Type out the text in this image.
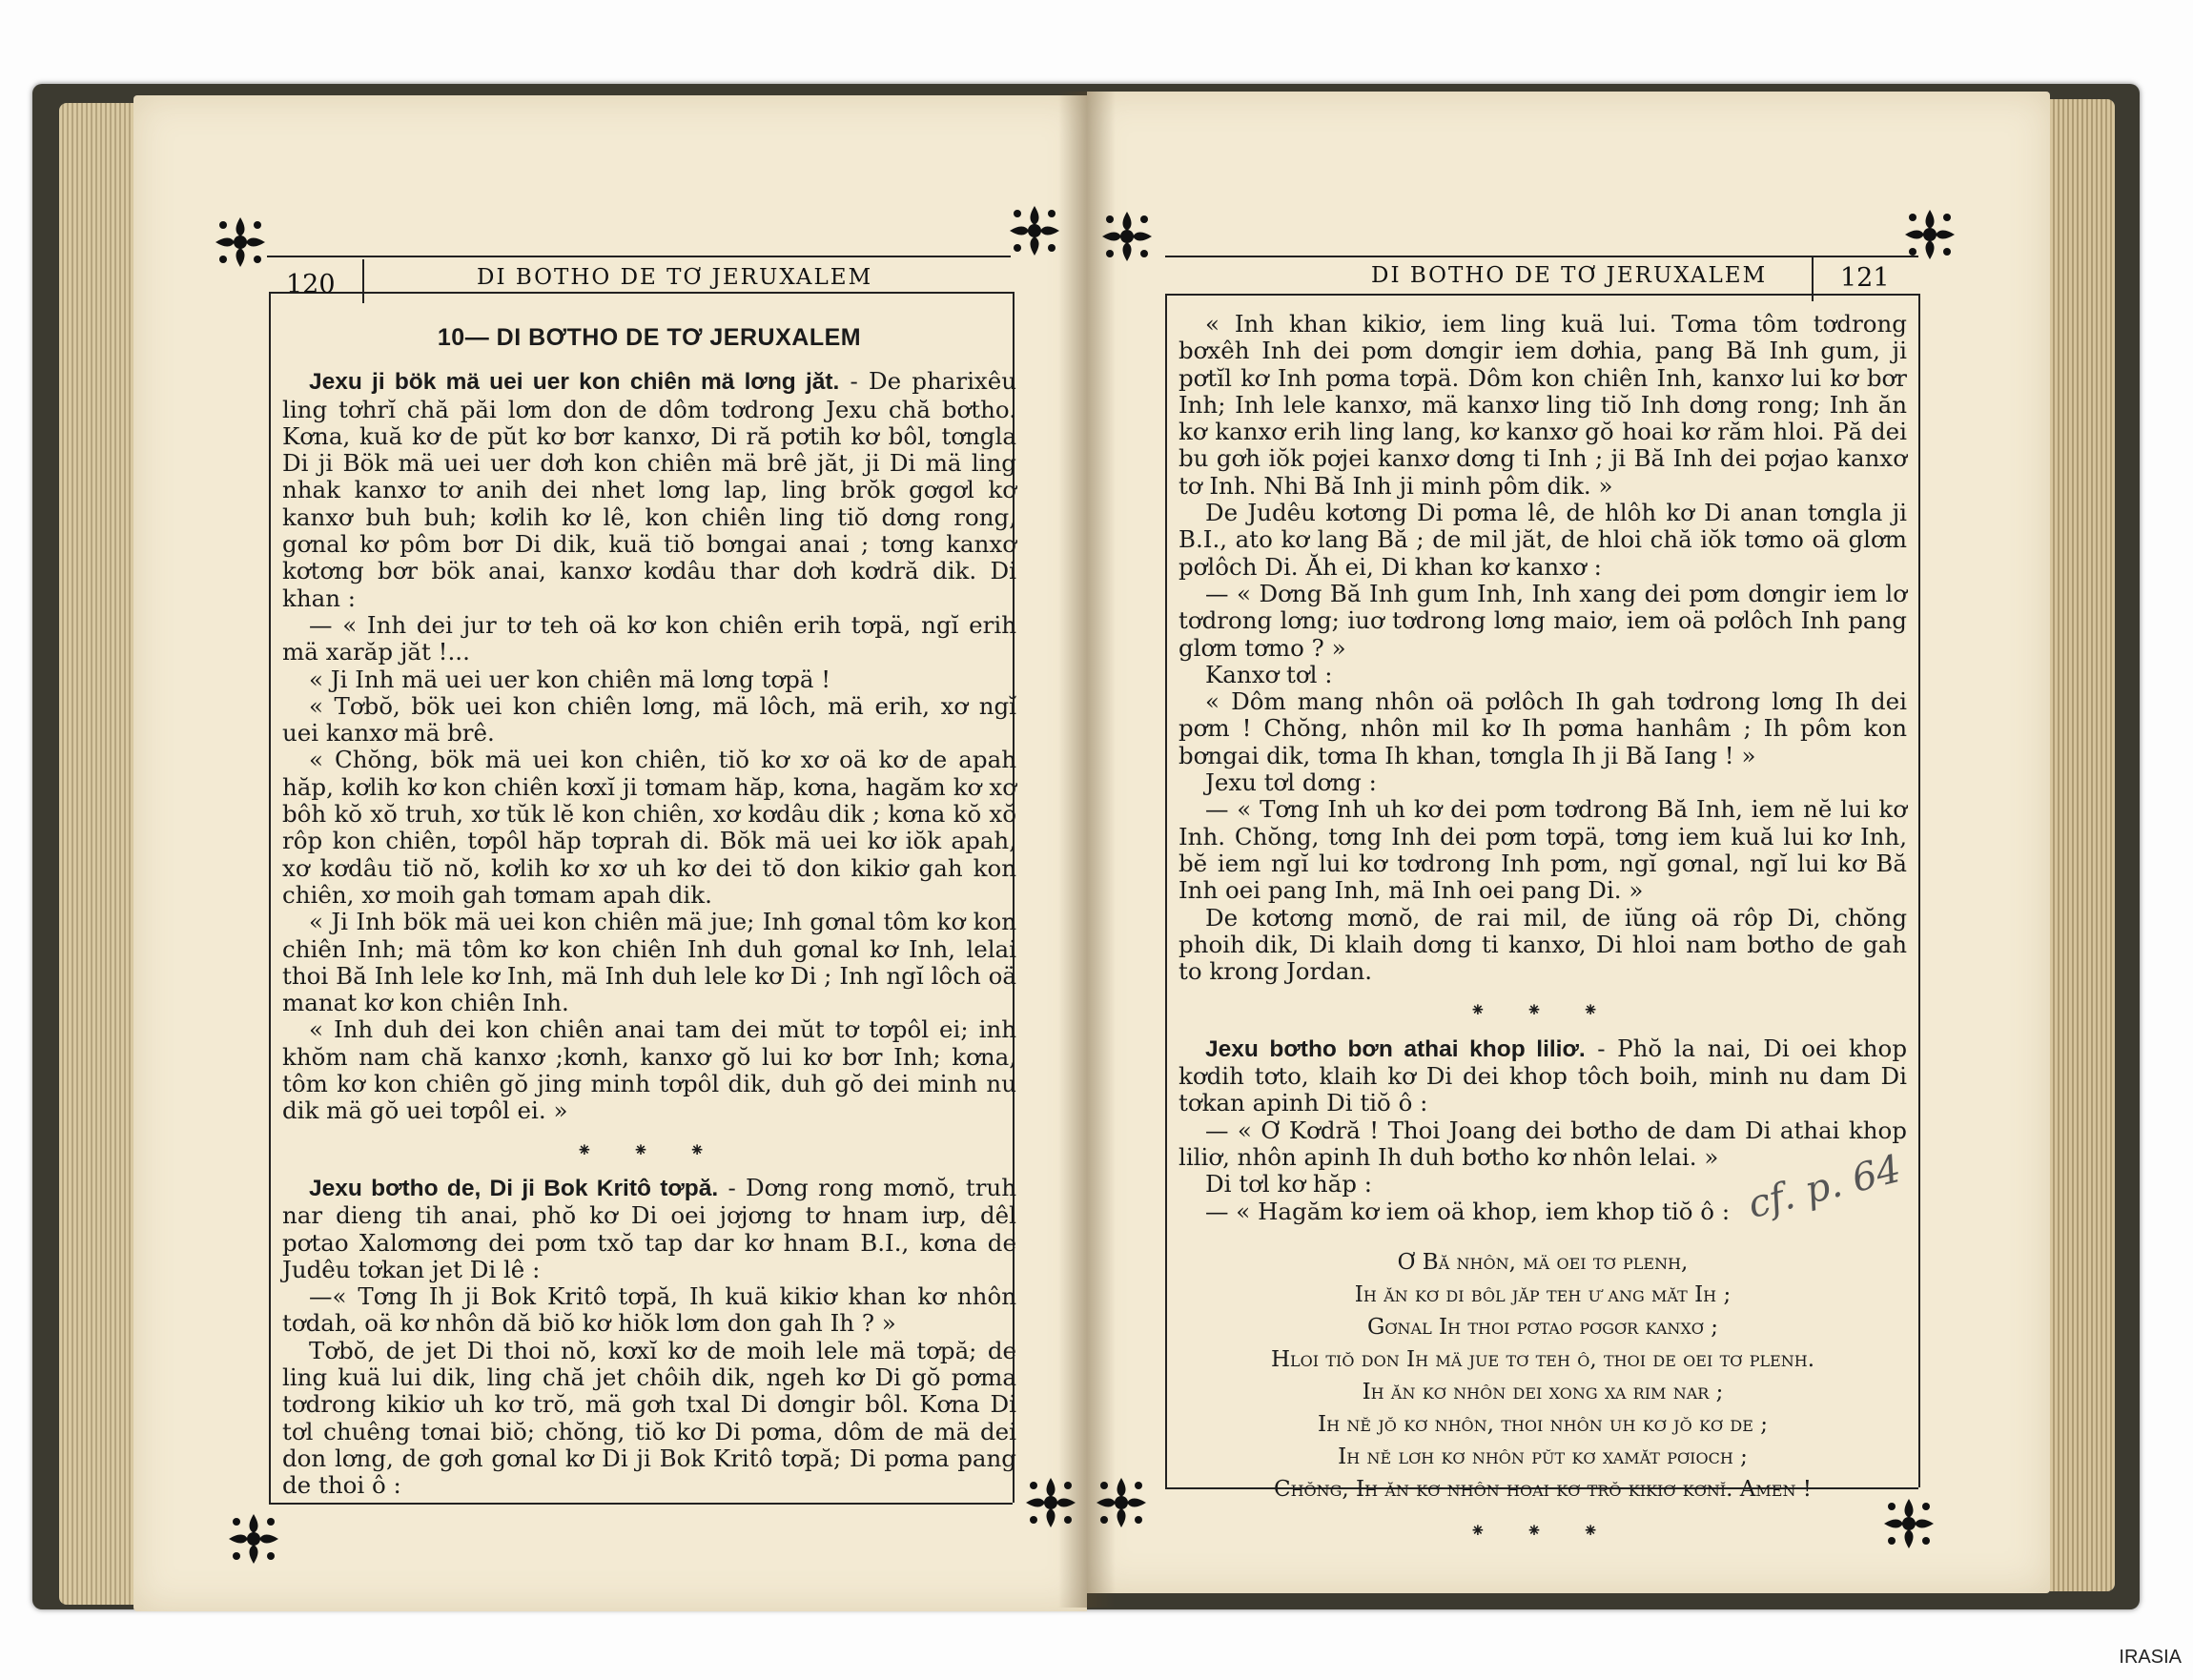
120	DI BOTHO DE TƠ JERUXALEM	121
DI BOTHO DE TƠ JERUXALEM
10— DI BƠTHO DE TƠ JERUXALEM

Jexu ji bök mä uei uer kon chiên mä lơng jăt. - De pharixêu ling tơhrĭ chă păi lơm don de dôm tơdrong Jexu chă bơtho. Kơna, kuă kơ de pŭt kơ bơr kanxơ, Di ră pơtih kơ bôl, tơngla Di ji Bök mä uei uer dơh kon chiên mä brê jăt, ji Di mä ling nhak kanxơ tơ anih dei nhet lơng lap, ling brŏk gơgơl kơ kanxơ buh buh; kơlih kơ lê, kon chiên ling tiŏ dơng rong, gơnal kơ pôm bơr Di dik, kuä tiŏ bơngai anai ; tơng kanxơ kơtơng bơr bök anai, kanxơ kơdâu thar dơh kơdră dik. Di khan :

— « Inh dei jur tơ teh oä kơ kon chiên erih tơpä, ngĭ erih mä xarăp jăt !...

« Ji Inh mä uei uer kon chiên mä lơng tơpä !

« Tơbŏ, bök uei kon chiên lơng, mä lôch, mä erih, xơ ngĭ uei kanxơ mä brê.

« Chŏng, bök mä uei kon chiên, tiŏ kơ xơ oä kơ de apah hăp, kơlih kơ kon chiên kơxĭ ji tơmam hăp, kơna, hagăm kơ xơ bôh kŏ xŏ truh, xơ tŭk lĕ kon chiên, xơ kơdâu dik ; kơna kŏ xŏ rôp kon chiên, tơpôl hăp tơprah di. Bŏk mä uei kơ iŏk apah, xơ kơdâu tiŏ nŏ, kơlih kơ xơ uh kơ dei tŏ don kikiơ gah kon chiên, xơ moih gah tơmam apah dik.

« Ji Inh bök mä uei kon chiên mä jue; Inh gơnal tôm kơ kon chiên Inh; mä tôm kơ kon chiên Inh duh gơnal kơ Inh, lelai thoi Bă Inh lele kơ Inh, mä Inh duh lele kơ Di ; Inh ngĭ lôch oä manat kơ kon chiên Inh.

« Inh duh dei kon chiên anai tam dei mŭt tơ tơpôl ei; inh khŏm nam chă kanxơ ;kơnh, kanxơ gŏ lui kơ bơr Inh; kơna, tôm kơ kon chiên gŏ jing minh tơpôl dik, duh gŏ dei minh nu dik mä gŏ uei tơpôl ei. »

⁕ ⁕ ⁕

Jexu bơtho de, Di ji Bok Kritô tơpă. - Dơng rong mơnŏ, truh nar dieng tih anai, phŏ kơ Di oei jơjơng tơ hnam iưp, dêl pơtao Xalơmơng dei pơm txŏ tap dar kơ hnam B.I., kơna de Judêu tơkan jet Di lê :

—« Tơng Ih ji Bok Kritô tơpă, Ih kuä kikiơ khan kơ nhôn tơdah, oä kơ nhôn dă biŏ kơ hiŏk lơm don gah Ih ? »

Tơbŏ, de jet Di thoi nŏ, kơxĭ kơ de moih lele mä tơpă; de ling kuä lui dik, ling chă jet chôih dik, ngeh kơ Di gŏ pơma tơdrong kikiơ uh kơ trŏ, mä gơh txal Di dơngir bôl. Kơna Di tơl chuêng tơnai biŏ; chŏng, tiŏ kơ Di pơma, dôm de mä dei don lơng, de gơh gơnal kơ Di ji Bok Kritô tơpă; Di pơma pang de thoi ô :

« Inh khan kikiơ, iem ling kuä lui. Tơma tôm tơdrong bơxêh Inh dei pơm dơngir iem dơhia, pang Bă Inh gum, ji pơtĭl kơ Inh pơma tơpä. Dôm kon chiên Inh, kanxơ lui kơ bơr Inh; Inh lele kanxơ, mä kanxơ ling tiŏ Inh dơng rong; Inh ăn kơ kanxơ erih ling lang, kơ kanxơ gŏ hoai kơ răm hloi. Pă dei bu gơh iŏk pơjei kanxơ dơng ti Inh ; ji Bă Inh dei pơjao kanxơ tơ Inh. Nhi Bă Inh ji minh pôm dik. »

De Judêu kơtơng Di pơma lê, de hlôh kơ Di anan tơngla ji B.I., ato kơ lang Bă ; de mil jăt, de hloi chă iŏk tơmo oä glơm pơlôch Di. Ăh ei, Di khan kơ kanxơ :

— « Dơng Bă Inh gum Inh, Inh xang dei pơm dơngir iem lơ tơdrong lơng; iuơ tơdrong lơng maiơ, iem oä pơlôch Inh pang glơm tơmo ? »

Kanxơ tơl :

« Dôm mang nhôn oä pơlôch Ih gah tơdrong lơng Ih dei pơm ! Chŏng, nhôn mil kơ Ih pơma hanhâm ; Ih pôm kon bơngai dik, tơma Ih khan, tơngla Ih ji Bă Iang ! »

Jexu tơl dơng :

— « Tơng Inh uh kơ dei pơm tơdrong Bă Inh, iem nĕ lui kơ Inh. Chŏng, tơng Inh dei pơm tơpä, tơng iem kuă lui kơ Inh, bĕ iem ngĭ lui kơ tơdrong Inh pơm, ngĭ gơnal, ngĭ lui kơ Bă Inh oei pang Inh, mä Inh oei pang Di. »

De kơtơng mơnŏ, de rai mil, de iŭng oä rôp Di, chŏng phoih dik, Di klaih dơng ti kanxơ, Di hloi nam bơtho de gah to krong Jordan.

⁕ ⁕ ⁕

Jexu bơtho bơn athai khop liliơ. - Phŏ la nai, Di oei khop kơdih tơto, klaih kơ Di dei khop tôch boih, minh nu dam Di tơkan apinh Di tiŏ ô :

— « Ơ Kơdră ! Thoi Joang dei bơtho de dam Di athai khop liliơ, nhôn apinh Ih duh bơtho kơ nhôn lelai. »

Di tơl kơ hăp :

— « Hagăm kơ iem oä khop, iem khop tiŏ ô :

Ơ Bă nhôn, mä oei tơ plenh,
Ih ăn kơ di bôl jăp teh ư ang măt Ih ;
Gơnal Ih thoi pơtao pơgơr kanxơ ;
Hloi tiŏ don Ih mä jue tơ teh ô, thoi de oei tơ plenh.
Ih ăn kơ nhôn dei xong xa rim nar ;
Ih nĕ jŏ kơ nhôn, thoi nhôn uh kơ jŏ kơ de ;
Ih nĕ lơh kơ nhôn pŭt kơ xamăt pơioch ;
Chŏng, Ih ăn kơ nhôn hoai kơ trŏ kikiơ kơnĭ. Amen !
⁕ ⁕ ⁕
cf. p. 64
IRASIA
